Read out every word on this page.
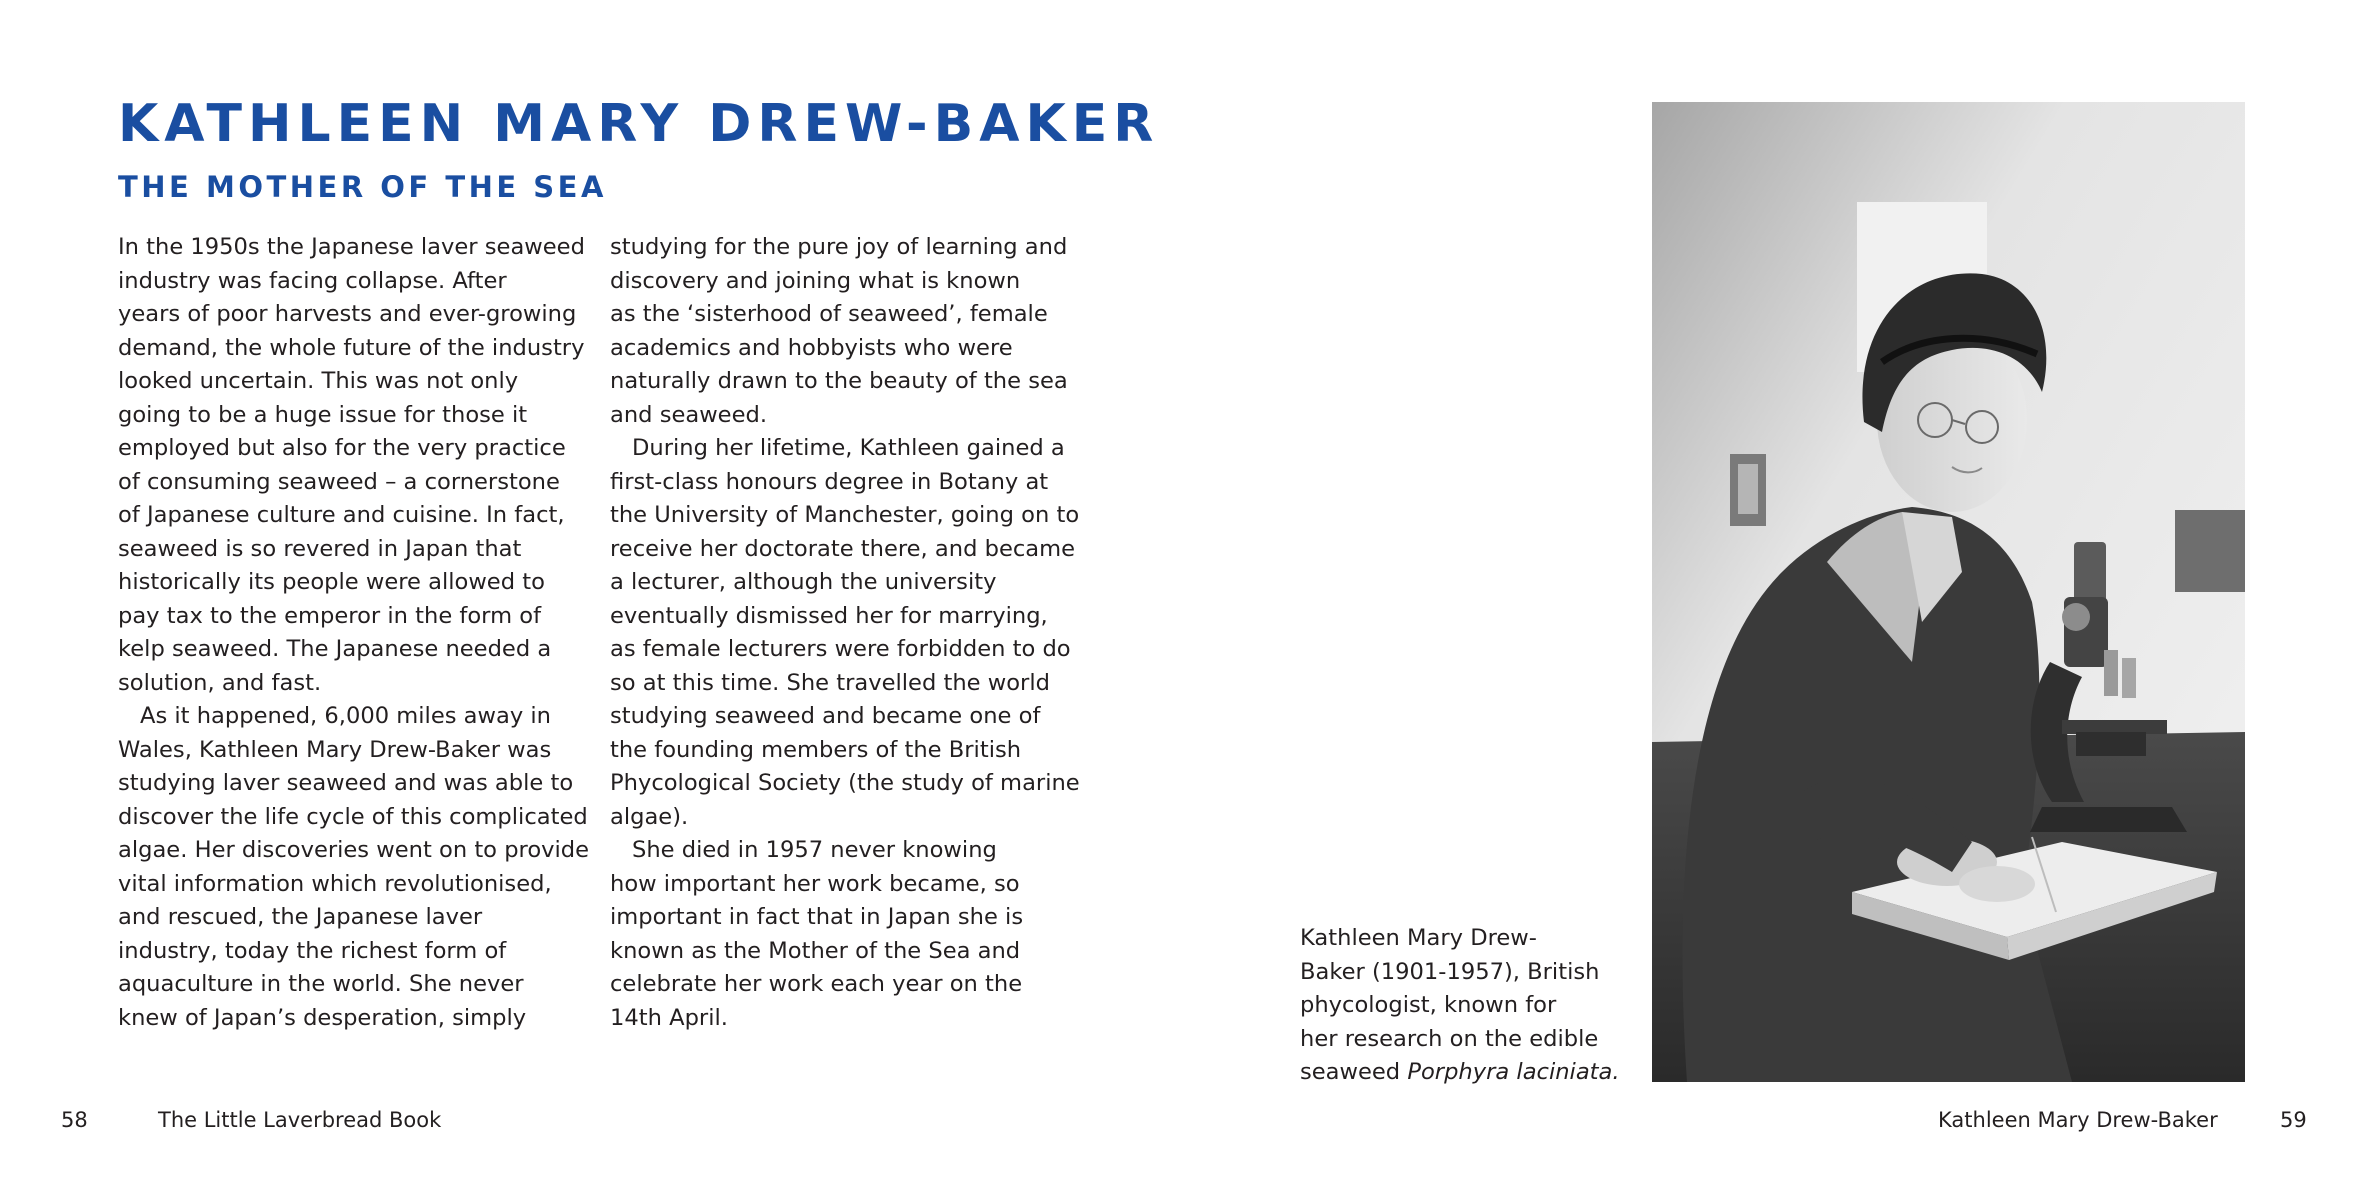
KATHLEEN MARY DREW-BAKER
THE MOTHER OF THE SEA
In the 1950s the Japanese laver seaweed
industry was facing collapse. After
years of poor harvests and ever-growing
demand, the whole future of the industry
looked uncertain. This was not only
going to be a huge issue for those it
employed but also for the very practice
of consuming seaweed – a cornerstone
of Japanese culture and cuisine. In fact,
seaweed is so revered in Japan that
historically its people were allowed to
pay tax to the emperor in the form of
kelp seaweed. The Japanese needed a
solution, and fast.
As it happened, 6,000 miles away in
Wales, Kathleen Mary Drew-Baker was
studying laver seaweed and was able to
discover the life cycle of this complicated
algae. Her discoveries went on to provide
vital information which revolutionised,
and rescued, the Japanese laver
industry, today the richest form of
aquaculture in the world. She never
knew of Japan’s desperation, simply
studying for the pure joy of learning and
discovery and joining what is known
as the ‘sisterhood of seaweed’, female
academics and hobbyists who were
naturally drawn to the beauty of the sea
and seaweed.
During her lifetime, Kathleen gained a
first-class honours degree in Botany at
the University of Manchester, going on to
receive her doctorate there, and became
a lecturer, although the university
eventually dismissed her for marrying,
as female lecturers were forbidden to do
so at this time. She travelled the world
studying seaweed and became one of
the founding members of the British
Phycological Society (the study of marine
algae).
She died in 1957 never knowing
how important her work became, so
important in fact that in Japan she is
known as the Mother of the Sea and
celebrate her work each year on the
14th April.
Kathleen Mary Drew-
Baker (1901-1957), British
phycologist, known for
her research on the edible
seaweed Porphyra laciniata.
58	The Little Laverbread Book	Kathleen Mary Drew-Baker	59
